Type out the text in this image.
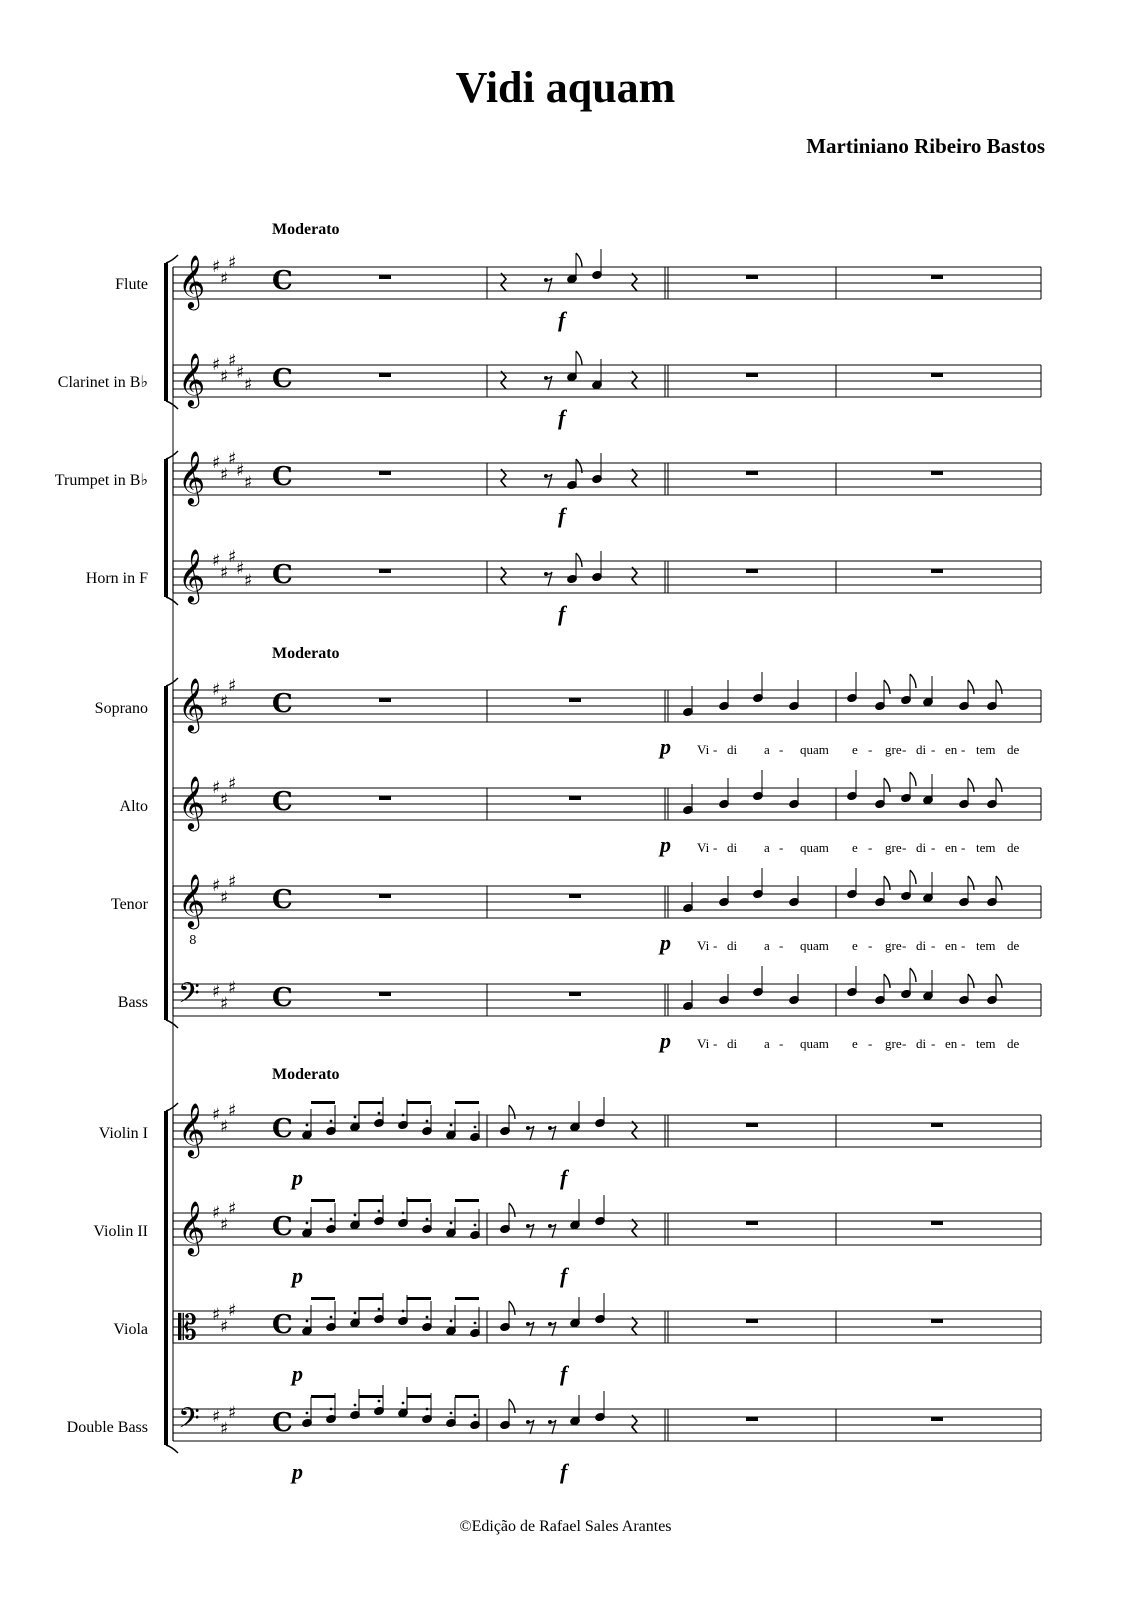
Vidi aquam
Martiniano Ribeiro Bastos
𝄞 ♯
♯
♯
C
𝄞 ♯
♯
♯
♯
♯ C
𝄞 ♯
♯
♯
♯
♯ C
𝄞 ♯
♯
♯
♯
♯ C
𝄞 ♯
♯
♯
C
𝄞 ♯
♯
♯
C
𝄞 ♯
♯
♯
C
𝄢 ♯
♯
♯ C
𝄞 ♯
♯
♯
C
𝄞 ♯
♯
♯
C
𝄡 ♯
♯
♯ C
𝄢 ♯
♯
♯ C
8
Flute
Clarinet in B♭
Trumpet in B♭
Horn in F
Soprano
Alto
Tenor
Bass
Violin I
Violin II
Viola
Double Bass
Moderato
Moderato
Moderato
f
f
f
f
p
p
p
p
p	f
p	f
p	f
p	f
Vi - di a - quam e - gre - di - en - tem de
Vi - di a - quam e - gre - di - en - tem de
Vi - di a - quam e - gre - di - en - tem de
Vi - di a - quam e - gre - di - en - tem de
©Edição de Rafael Sales Arantes
